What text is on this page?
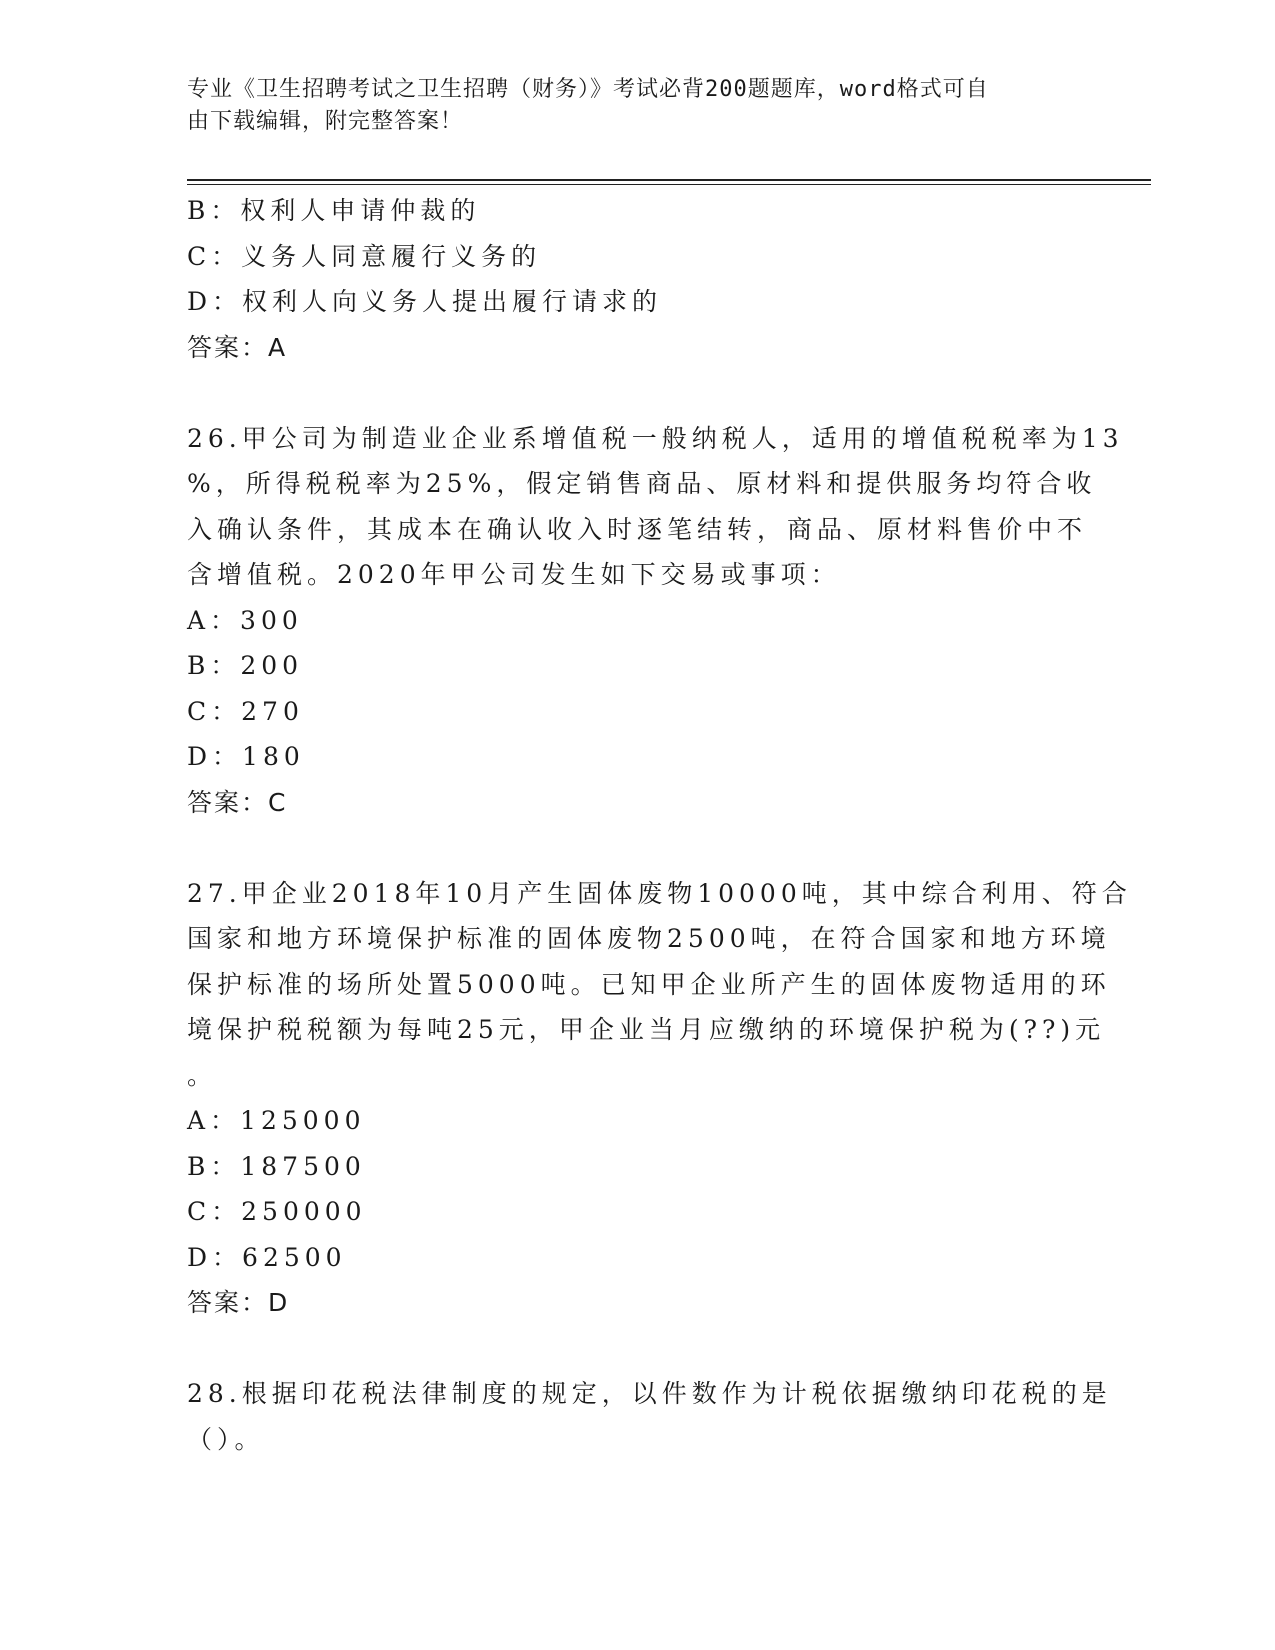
专业《卫生招聘考试之卫生招聘（财务）》考试必背200题题库，word格式可自
由下载编辑，附完整答案！
B：权利人申请仲裁的
C：义务人同意履行义务的
D：权利人向义务人提出履行请求的
答案：A
26.甲公司为制造业企业系增值税一般纳税人，适用的增值税税率为13
%，所得税税率为25%，假定销售商品、原材料和提供服务均符合收
入确认条件，其成本在确认收入时逐笔结转，商品、原材料售价中不
含增值税。2020年甲公司发生如下交易或事项：
A：300
B：200
C：270
D：180
答案：C
27.甲企业2018年10月产生固体废物10000吨，其中综合利用、符合
国家和地方环境保护标准的固体废物2500吨，在符合国家和地方环境
保护标准的场所处置5000吨。已知甲企业所产生的固体废物适用的环
境保护税税额为每吨25元，甲企业当月应缴纳的环境保护税为(??)元
。
A：125000
B：187500
C：250000
D：62500
答案：D
28.根据印花税法律制度的规定，以件数作为计税依据缴纳印花税的是
（）。
